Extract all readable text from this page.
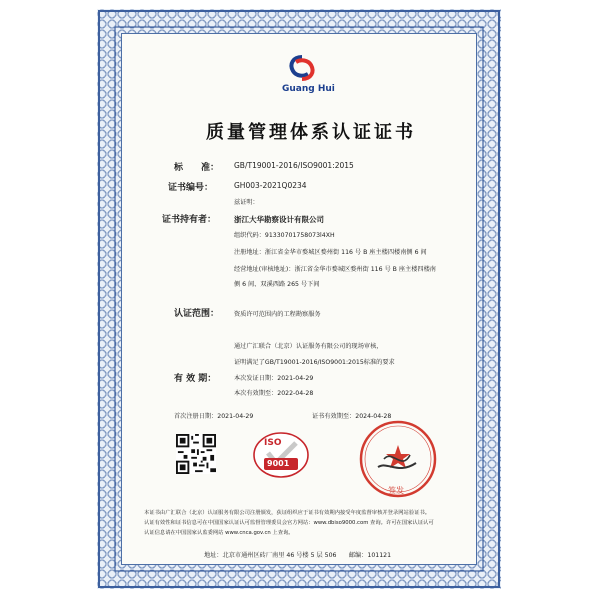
Guang Hui
质量管理体系认证证书
标　　准： GB/T19001-2016/ISO9001:2015
证书编号：	GH003-2021Q0234
兹证明：
证书持有者： 浙江大华勘察设计有限公司
组织代码：91330701758073l4XH
注册地址：浙江省金华市婺城区婺州街 116 号 B 座主楼四楼南侧 6 间
经营地址(审核地址)：浙江省金华市婺城区婺州街 116 号 B 座主楼四楼南
侧 6 间、双溪西路 265 号下间
认证范围： 资质许可范围内的工程勘察服务
通过广汇联合（北京）认证服务有限公司的现场审核，
证明满足了GB/T19001-2016/ISO9001:2015标准的要求
有 效 期：	本次发证日期：2021-04-29
本次有效期至：2022-04-28
首次注册日期：2021-04-29	证书有效期至：2024-04-28
ISO
9001
签发
本证书由广汇联合（北京）认证服务有限公司注册颁发，获证组织应于证书有效期内接受年度监督审核并登录网站验证书。
认证有效性和证书信息可在中国国家认证认可监督管理委员会官方网站：www.dbiso9000.com 查询。许可在国家认证认可
认证信息请在中国国家认监委网站 www.cnca.gov.cn 上查询。
地址：北京市通州区砖厂南里 46 号楼 5 层 506　　邮编：101121
